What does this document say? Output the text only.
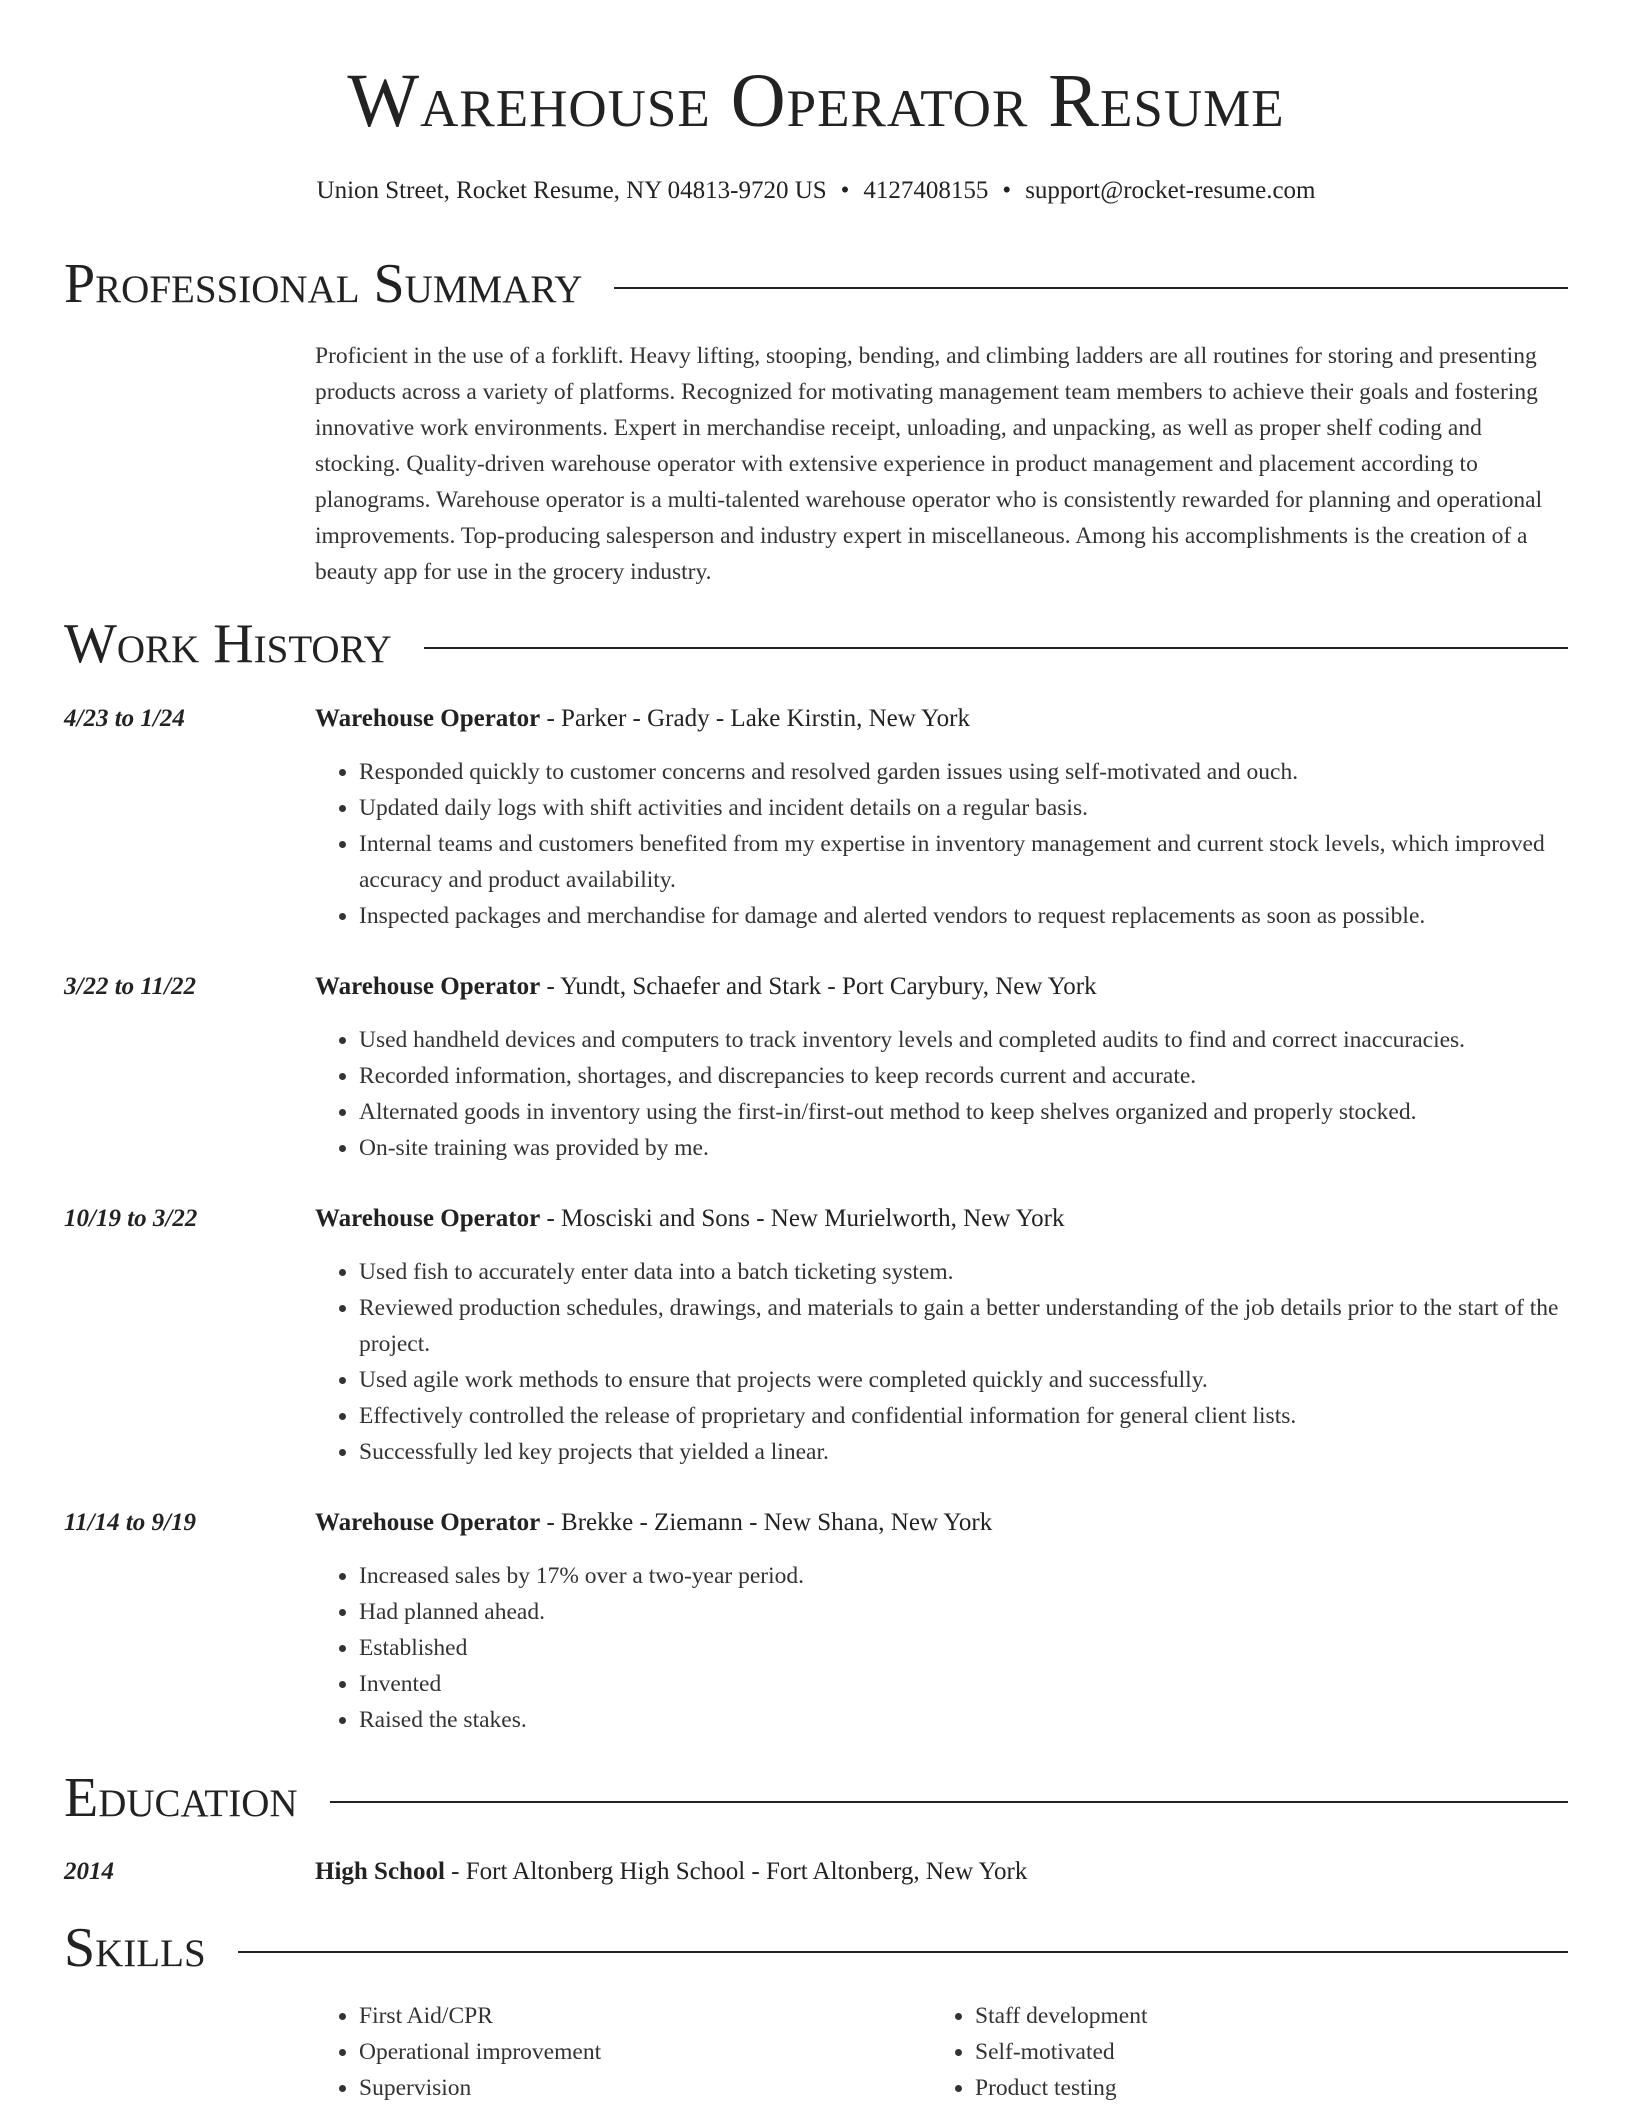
Warehouse Operator Resume
Union Street, Rocket Resume, NY 04813-9720 US • 4127408155 • support@rocket-resume.com
Professional Summary

Proficient in the use of a forklift. Heavy lifting, stooping, bending, and climbing ladders are all routines for storing and presenting products across a variety of platforms. Recognized for motivating management team members to achieve their goals and fostering innovative work environments. Expert in merchandise receipt, unloading, and unpacking, as well as proper shelf coding and stocking. Quality-driven warehouse operator with extensive experience in product management and placement according to planograms. Warehouse operator is a multi-talented warehouse operator who is consistently rewarded for planning and operational improvements. Top-producing salesperson and industry expert in miscellaneous. Among his accomplishments is the creation of a beauty app for use in the grocery industry.

Work History
4/23 to 1/24	Warehouse Operator - Parker - Grady - Lake Kirstin, New York
• Responded quickly to customer concerns and resolved garden issues using self-motivated and ouch.
• Updated daily logs with shift activities and incident details on a regular basis.
• Internal teams and customers benefited from my expertise in inventory management and current stock levels, which improved accuracy and product availability.
• Inspected packages and merchandise for damage and alerted vendors to request replacements as soon as possible.
3/22 to 11/22	Warehouse Operator - Yundt, Schaefer and Stark - Port Carybury, New York
• Used handheld devices and computers to track inventory levels and completed audits to find and correct inaccuracies.
• Recorded information, shortages, and discrepancies to keep records current and accurate.
• Alternated goods in inventory using the first-in/first-out method to keep shelves organized and properly stocked.
• On-site training was provided by me.
10/19 to 3/22	Warehouse Operator - Mosciski and Sons - New Murielworth, New York
• Used fish to accurately enter data into a batch ticketing system.
• Reviewed production schedules, drawings, and materials to gain a better understanding of the job details prior to the start of the project.
• Used agile work methods to ensure that projects were completed quickly and successfully.
• Effectively controlled the release of proprietary and confidential information for general client lists.
• Successfully led key projects that yielded a linear.
11/14 to 9/19	Warehouse Operator - Brekke - Ziemann - New Shana, New York
• Increased sales by 17% over a two-year period.
• Had planned ahead.
• Established
• Invented
• Raised the stakes.
Education
2014	High School - Fort Altonberg High School - Fort Altonberg, New York
Skills
• First Aid/CPR
• Operational improvement
• Supervision
• Staff development
• Self-motivated
• Product testing
